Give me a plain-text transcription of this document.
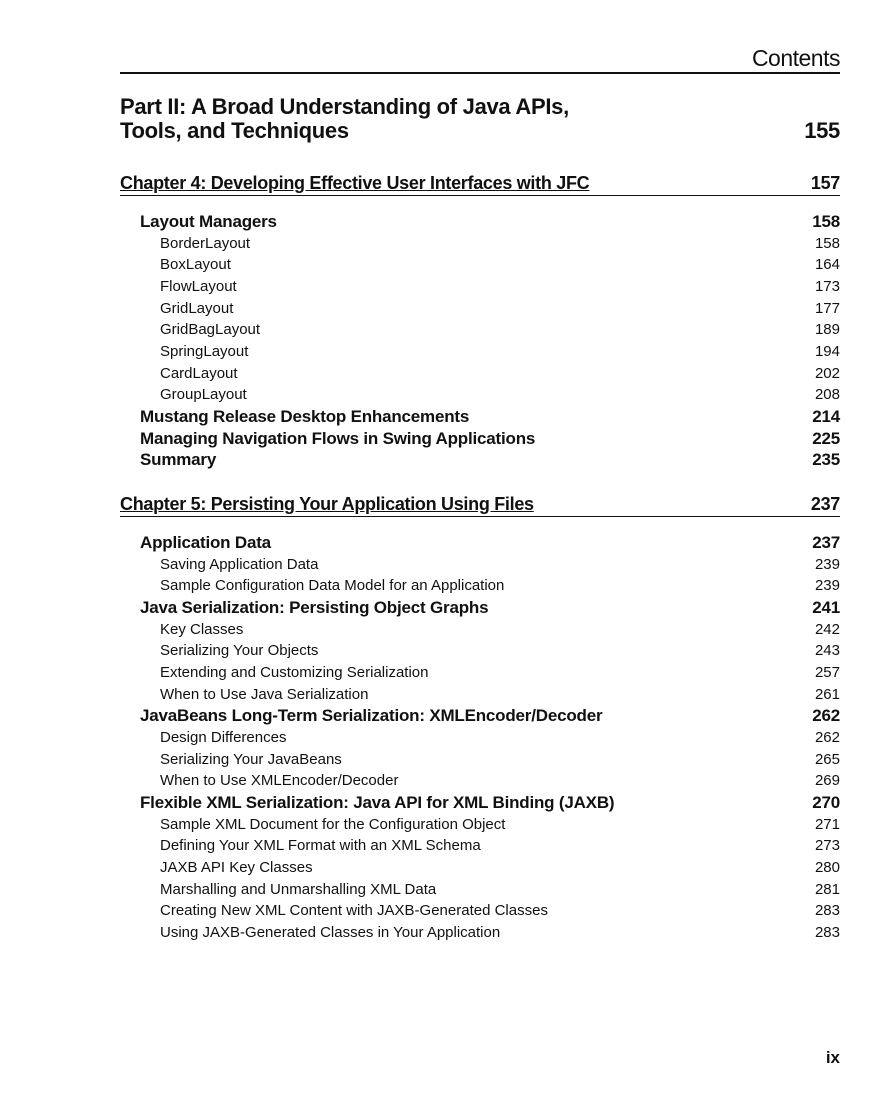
Contents
Part II: A Broad Understanding of Java APIs,
Tools, and Techniques	155
Chapter 4: Developing Effective User Interfaces with JFC	157
Layout Managers	158
BorderLayout	158
BoxLayout	164
FlowLayout	173
GridLayout	177
GridBagLayout	189
SpringLayout	194
CardLayout	202
GroupLayout	208
Mustang Release Desktop Enhancements	214
Managing Navigation Flows in Swing Applications	225
Summary	235
Chapter 5: Persisting Your Application Using Files	237
Application Data	237
Saving Application Data	239
Sample Configuration Data Model for an Application	239
Java Serialization: Persisting Object Graphs	241
Key Classes	242
Serializing Your Objects	243
Extending and Customizing Serialization	257
When to Use Java Serialization	261
JavaBeans Long-Term Serialization: XMLEncoder/Decoder	262
Design Differences	262
Serializing Your JavaBeans	265
When to Use XMLEncoder/Decoder	269
Flexible XML Serialization: Java API for XML Binding (JAXB)	270
Sample XML Document for the Configuration Object	271
Defining Your XML Format with an XML Schema	273
JAXB API Key Classes	280
Marshalling and Unmarshalling XML Data	281
Creating New XML Content with JAXB-Generated Classes	283
Using JAXB-Generated Classes in Your Application	283
ix
